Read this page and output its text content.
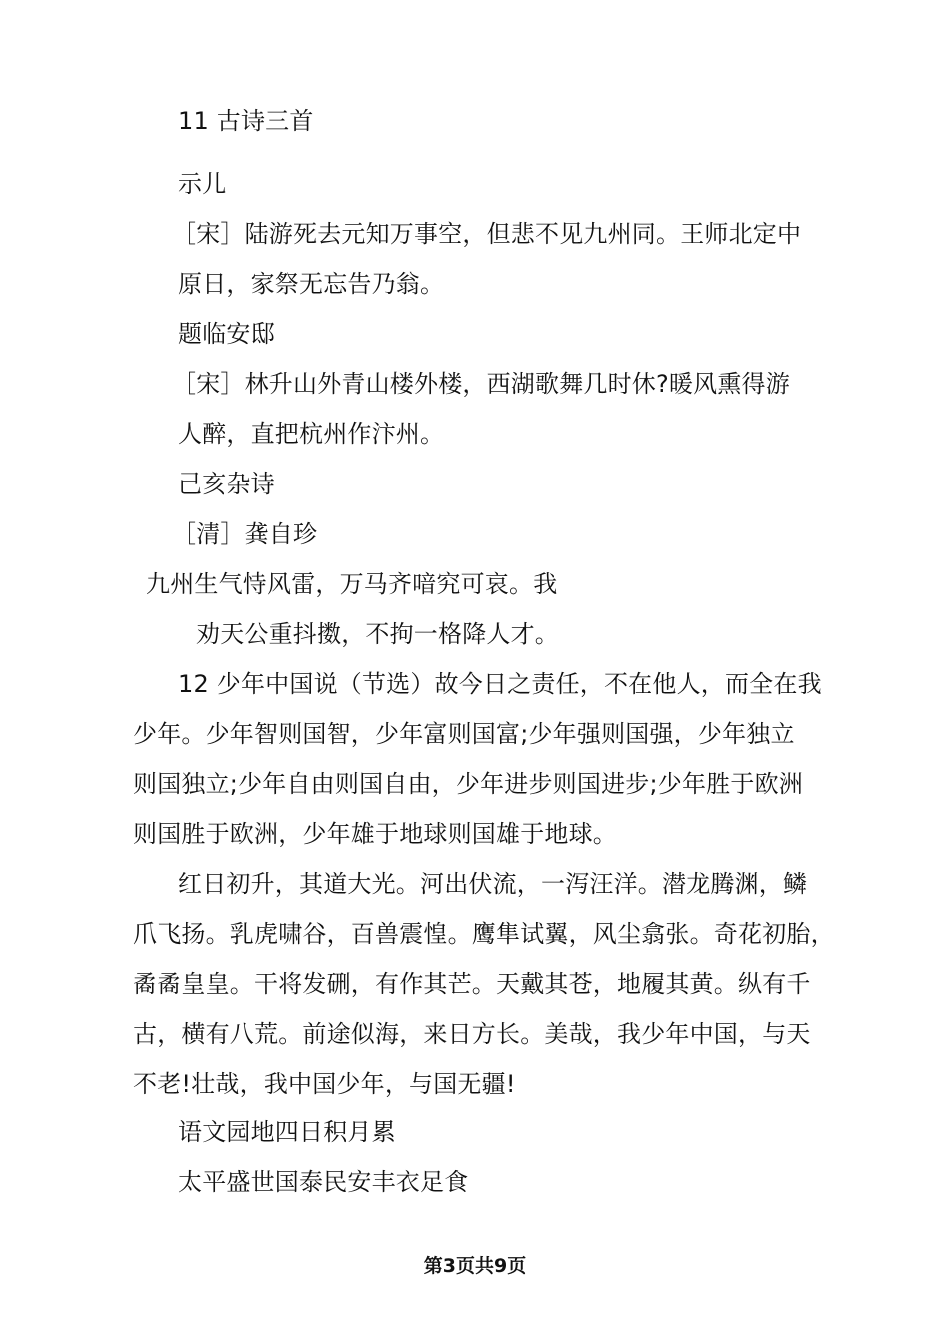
11 古诗三首
示儿
［宋］陆游死去元知万事空，但悲不见九州同。王师北定中
原日，家祭无忘告乃翁。
题临安邸
［宋］林升山外青山楼外楼，西湖歌舞几时休?暖风熏得游
人醉，直把杭州作汴州。
己亥杂诗
［清］龚自珍
九州生气恃风雷，万马齐喑究可哀。我
劝天公重抖擞，不拘一格降人才。
12 少年中国说（节选）故今日之责任，不在他人，而全在我
少年。少年智则国智，少年富则国富;少年强则国强，少年独立
则国独立;少年自由则国自由，少年进步则国进步;少年胜于欧洲
则国胜于欧洲，少年雄于地球则国雄于地球。
红日初升，其道大光。河出伏流，一泻汪洋。潜龙腾渊，鳞
爪飞扬。乳虎啸谷，百兽震惶。鹰隼试翼，风尘翕张。奇花初胎，
矞矞皇皇。干将发硎，有作其芒。天戴其苍，地履其黄。纵有千
古，横有八荒。前途似海，来日方长。美哉，我少年中国，与天
不老!壮哉，我中国少年，与国无疆!
语文园地四日积月累
太平盛世国泰民安丰衣足食
第3页共9页
